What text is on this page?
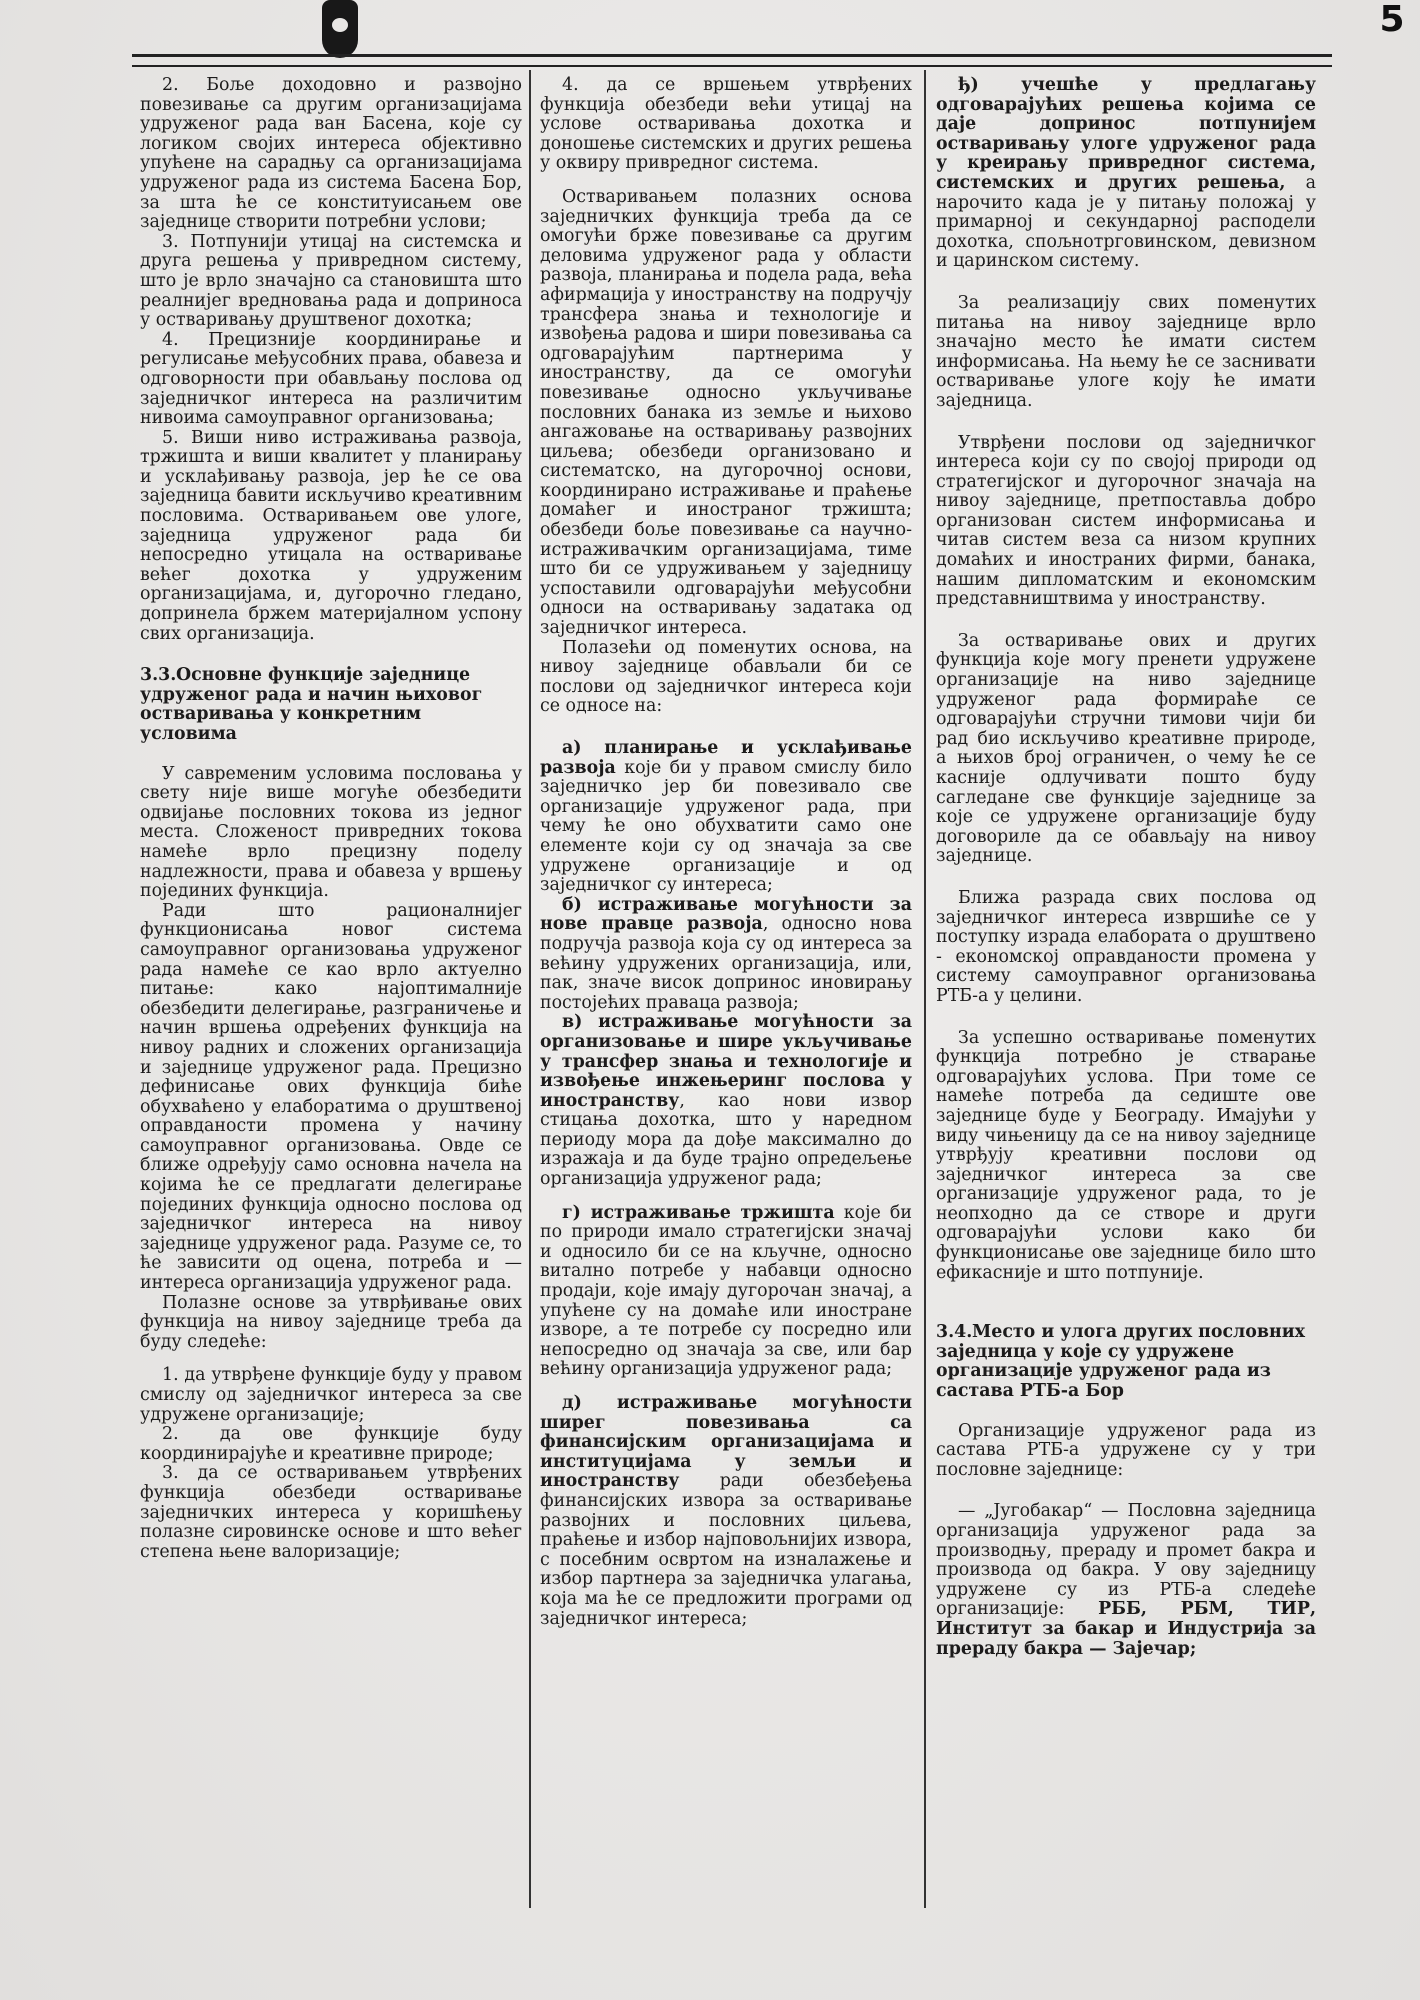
5

2. Боље доходовно и развојно повезивање са другим организацијама удруженог рада ван Басена, које су логиком својих интереса објективно упућене на сарадњу са организацијама удруженог рада из система Басена Бор, за шта ће се конституисањем ове заједнице створити потребни услови;

3. Потпунији утицај на системска и друга решења у привредном систему, што је врло значајно са становишта што реалнијег вредновања рада и доприноса у остваривању друштвеног дохотка;

4. Прецизније координирање и регулисање међусобних права, обавеза и одговорности при обављању послова од заједничког интереса на различитим нивоима самоуправног организовања;

5. Виши ниво истраживања развоја, тржишта и виши квалитет у планирању и усклађивању развоја, јер ће се ова заједница бавити искључиво креативним пословима. Остваривањем ове улоге, заједница удруженог рада би непосредно утицала на остваривање већег дохотка у удруженим организацијама, и, дугорочно гледано, допринела бржем материјалном успону свих организација.

3.3.Основне функције заједнице удруженог рада и начин њиховог остваривања у конкретним условима

У савременим условима пословања у свету није више могуће обезбедити одвијање пословних токова из једног места. Сложеност привредних токова намеће врло прецизну поделу надлежности, права и обавеза у вршењу појединих функција.

Ради што рационалнијег функционисања новог система самоуправног организовања удруженог рада намеће се као врло актуелно питање: како најоптималније обезбедити делегирање, разграничење и начин вршења одређених функција на нивоу радних и сложених организација и заједнице удруженог рада. Прецизно дефинисање ових функција биће обухваћено у елаборатима о друштвеној оправданости промена у начину самоуправног организовања. Овде се ближе одређују само основна начела на којима ће се предлагати делегирање појединих функција односно послова од заједничког интереса на нивоу заједнице удруженог рада. Разуме се, то ће зависити од оцена, потреба и — интереса организација удруженог рада.

Полазне основе за утврђивање ових функција на нивоу заједнице треба да буду следеће:

1. да утврђене функције буду у правом смислу од заједничког интереса за све удружене организације;

2. да ове функције буду координирајуће и креативне природе;

3. да се остваривањем утврђених функција обезбеди остваривање заједничких интереса у коришћењу полазне сировинске основе и што већег степена њене валоризације;

4. да се вршењем утврђених функција обезбеди већи утицај на услове остваривања дохотка и доношење системских и других решења у оквиру привредног система.

Остваривањем полазних основа заједничких функција треба да се омогући брже повезивање са другим деловима удруженог рада у области развоја, планирања и подела рада, већа афирмација у иностранству на подручју трансфера знања и технологије и извођења радова и шири повезивања са одговарајућим партнерима у иностранству, да се омогући повезивање односно укључивање пословних банака из земље и њихово ангажовање на остваривању развојних циљева; обезбеди организовано и систематско, на дугорочној основи, координирано истраживање и праћење домаћег и иностраног тржишта; обезбеди боље повезивање са научно-истраживачким организацијама, тиме што би се удруживањем у заједницу успоставили одговарајући међусобни односи на остваривању задатака од заједничког интереса.

Полазећи од поменутих основа, на нивоу заједнице обављали би се послови од заједничког интереса који се односе на:

а) планирање и усклађивање развоја које би у правом смислу било заједничко јер би повезивало све организације удруженог рада, при чему ће оно обухватити само оне елементе који су од значаја за све удружене организације и од заједничког су интереса;

б) истраживање могућности за нове правце развоја, односно нова подручја развоја која су од интереса за већину удружених организација, или, пак, значе висок допринос иновирању постојећих праваца развоја;

в) истраживање могућности за организовање и шире укључивање у трансфер знања и технологије и извођење инжењеринг послова у иностранству, као нови извор стицања дохотка, што у наредном периоду мора да дође максимално до изражаја и да буде трајно опредељење организација удруженог рада;

г) истраживање тржишта које би по природи имало стратегијски значај и односило би се на кључне, односно витално потребе у набавци односно продаји, које имају дугорочан значај, а упућене су на домаће или иностране изворе, а те потребе су посредно или непосредно од значаја за све, или бар већину организација удруженог рада;

д) истраживање могућности ширег повезивања са финансијским организацијама и институцијама у земљи и иностранству ради обезбеђења финансијских извора за остваривање развојних и пословних циљева, праћење и избор најповољнијих извора, с посебним освртом на изналажење и избор партнера за заједничка улагања, која ма ће се предложити програми од заједничког интереса;

ђ) учешће у предлагању одговарајућих решења којима се даје допринос потпунијем остваривању улоге удруженог рада у креирању привредног система, системских и других решења, а нарочито када је у питању положај у примарној и секундарној расподели дохотка, спољнотрговинском, девизном и царинском систему.

За реализацију свих поменутих питања на нивоу заједнице врло значајно место ће имати систем информисања. На њему ће се заснивати остваривање улоге коју ће имати заједница.

Утврђени послови од заједничког интереса који су по својој природи од стратегијског и дугорочног значаја на нивоу заједнице, претпоставља добро организован систем информисања и читав систем веза са низом крупних домаћих и иностраних фирми, банака, нашим дипломатским и економским представништвима у иностранству.

За остваривање ових и других функција које могу пренети удружене организације на ниво заједнице удруженог рада формираће се одговарајући стручни тимови чији би рад био искључиво креативне природе, а њихов број ограничен, о чему ће се касније одлучивати пошто буду сагледане све функције заједнице за које се удружене организације буду договориле да се обављају на нивоу заједнице.

Ближа разрада свих послова од заједничког интереса извршиће се у поступку израда елабората о друштвено - економској оправданости промена у систему самоуправног организовања РТБ-а у целини.

За успешно остваривање поменутих функција потребно је стварање одговарајућих услова. При томе се намеће потреба да седиште ове заједнице буде у Београду. Имајући у виду чињеницу да се на нивоу заједнице утврђују креативни послови од заједничког интереса за све организације удруженог рада, то је неопходно да се створе и други одговарајући услови како би функционисање ове заједнице било што ефикасније и што потпуније.

3.4.Место и улога других пословних заједница у које су удружене организације удруженог рада из састава РТБ-а Бор

Организације удруженог рада из састава РТБ-а удружене су у три пословне заједнице:

— „Југобакар“ — Пословна заједница организација удруженог рада за производњу, прераду и промет бакра и производа од бакра. У ову заједницу удружене су из РТБ-а следеће организације: РББ, РБМ, ТИР, Институт за бакар и Индустрија за прераду бакра — Зајечар;
